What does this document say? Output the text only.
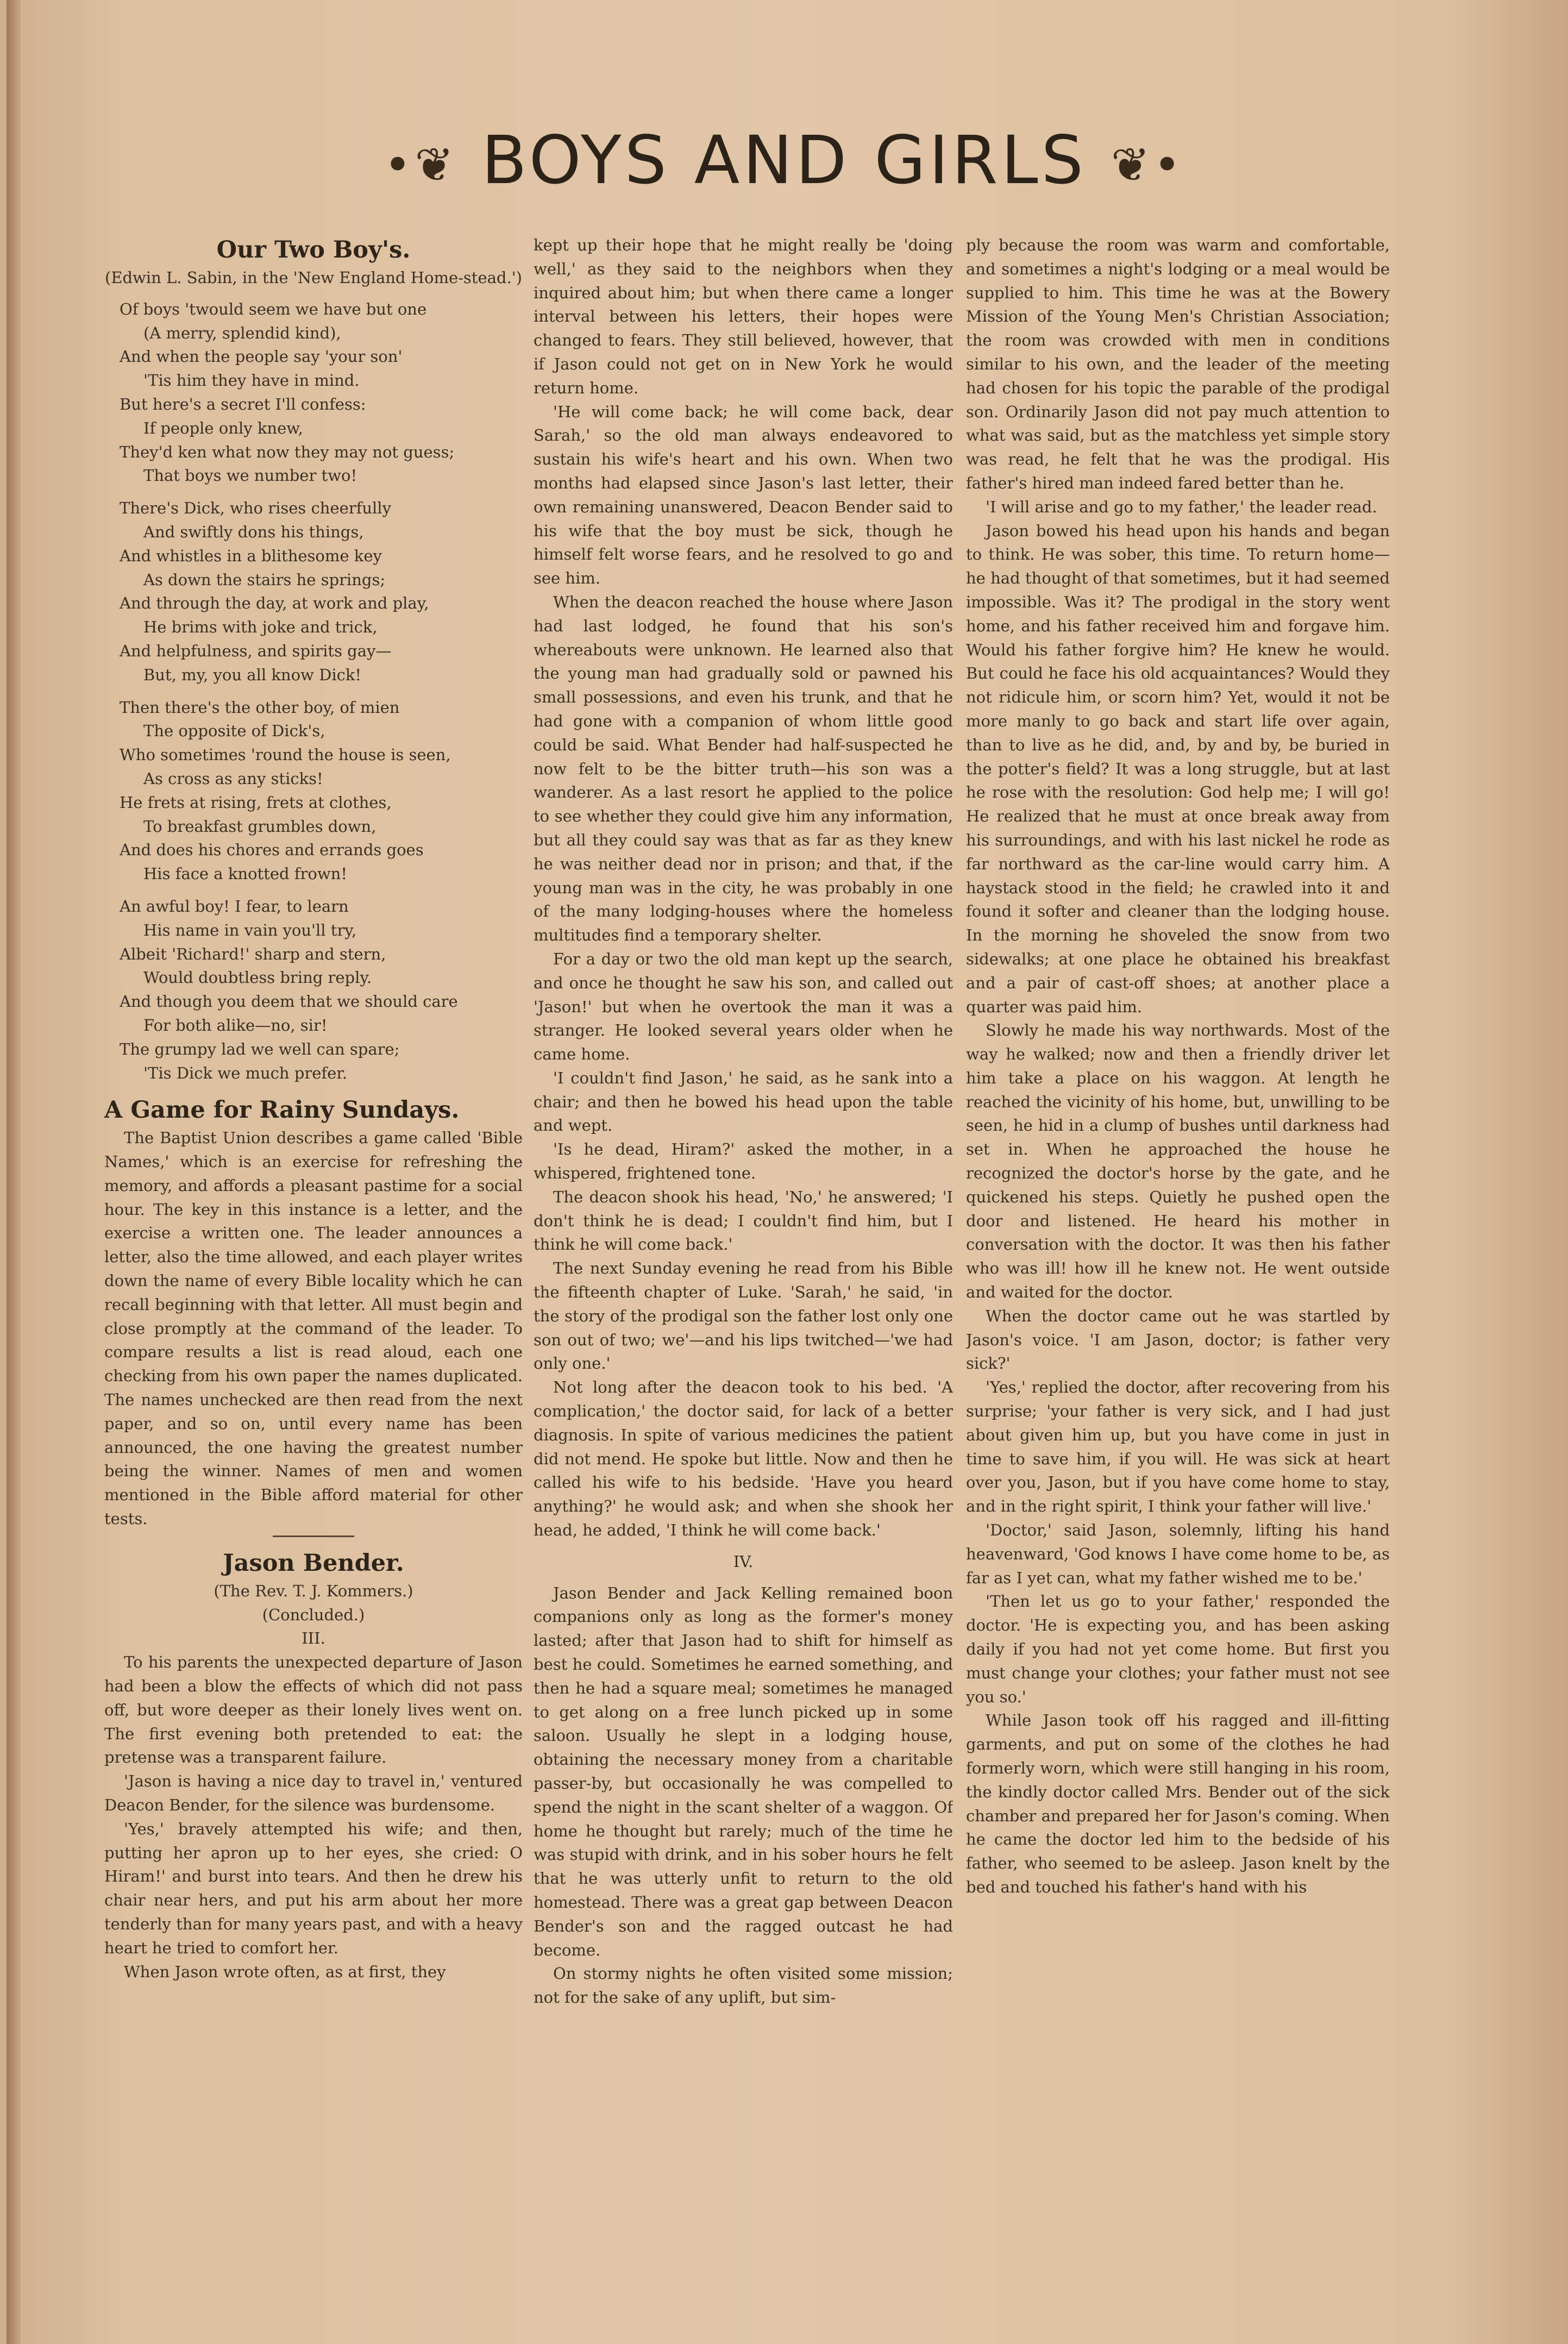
•❦ BOYS AND GIRLS ❦•
Our Two Boy's.
(Edwin L. Sabin, in the 'New England Home-stead.')
Of boys 'twould seem we have but one
(A merry, splendid kind),
And when the people say 'your son'
'Tis him they have in mind.
But here's a secret I'll confess:
If people only knew,
They'd ken what now they may not guess;
That boys we number two!
There's Dick, who rises cheerfully
And swiftly dons his things,
And whistles in a blithesome key
As down the stairs he springs;
And through the day, at work and play,
He brims with joke and trick,
And helpfulness, and spirits gay—
But, my, you all know Dick!
Then there's the other boy, of mien
The opposite of Dick's,
Who sometimes 'round the house is seen,
As cross as any sticks!
He frets at rising, frets at clothes,
To breakfast grumbles down,
And does his chores and errands goes
His face a knotted frown!
An awful boy! I fear, to learn
His name in vain you'll try,
Albeit 'Richard!' sharp and stern,
Would doubtless bring reply.
And though you deem that we should care
For both alike—no, sir!
The grumpy lad we well can spare;
'Tis Dick we much prefer.
A Game for Rainy Sundays.

The Baptist Union describes a game called 'Bible Names,' which is an exercise for refreshing the memory, and affords a pleasant pastime for a social hour. The key in this instance is a letter, and the exercise a written one. The leader announces a letter, also the time allowed, and each player writes down the name of every Bible locality which he can recall beginning with that letter. All must begin and close promptly at the command of the leader. To compare results a list is read aloud, each one checking from his own paper the names duplicated. The names unchecked are then read from the next paper, and so on, until every name has been announced, the one having the greatest number being the winner. Names of men and women mentioned in the Bible afford material for other tests.

Jason Bender.
(The Rev. T. J. Kommers.)
(Concluded.)
III.

To his parents the unexpected departure of Jason had been a blow the effects of which did not pass off, but wore deeper as their lonely lives went on. The first evening both pretended to eat: the pretense was a transparent failure.

'Jason is having a nice day to travel in,' ventured Deacon Bender, for the silence was burdensome.

'Yes,' bravely attempted his wife; and then, putting her apron up to her eyes, she cried: O Hiram!' and burst into tears. And then he drew his chair near hers, and put his arm about her more tenderly than for many years past, and with a heavy heart he tried to comfort her.

When Jason wrote often, as at first, they

kept up their hope that he might really be 'doing well,' as they said to the neighbors when they inquired about him; but when there came a longer interval between his letters, their hopes were changed to fears. They still believed, however, that if Jason could not get on in New York he would return home.

'He will come back; he will come back, dear Sarah,' so the old man always endeavored to sustain his wife's heart and his own. When two months had elapsed since Jason's last letter, their own remaining unanswered, Deacon Bender said to his wife that the boy must be sick, though he himself felt worse fears, and he resolved to go and see him.

When the deacon reached the house where Jason had last lodged, he found that his son's whereabouts were unknown. He learned also that the young man had gradually sold or pawned his small possessions, and even his trunk, and that he had gone with a companion of whom little good could be said. What Bender had half-suspected he now felt to be the bitter truth—his son was a wanderer. As a last resort he applied to the police to see whether they could give him any information, but all they could say was that as far as they knew he was neither dead nor in prison; and that, if the young man was in the city, he was probably in one of the many lodging-houses where the homeless multitudes find a temporary shelter.

For a day or two the old man kept up the search, and once he thought he saw his son, and called out 'Jason!' but when he overtook the man it was a stranger. He looked several years older when he came home.

'I couldn't find Jason,' he said, as he sank into a chair; and then he bowed his head upon the table and wept.

'Is he dead, Hiram?' asked the mother, in a whispered, frightened tone.

The deacon shook his head, 'No,' he answered; 'I don't think he is dead; I couldn't find him, but I think he will come back.'

The next Sunday evening he read from his Bible the fifteenth chapter of Luke. 'Sarah,' he said, 'in the story of the prodigal son the father lost only one son out of two; we'—and his lips twitched—'we had only one.'

Not long after the deacon took to his bed. 'A complication,' the doctor said, for lack of a better diagnosis. In spite of various medicines the patient did not mend. He spoke but little. Now and then he called his wife to his bedside. 'Have you heard anything?' he would ask; and when she shook her head, he added, 'I think he will come back.'

IV.

Jason Bender and Jack Kelling remained boon companions only as long as the former's money lasted; after that Jason had to shift for himself as best he could. Sometimes he earned something, and then he had a square meal; sometimes he managed to get along on a free lunch picked up in some saloon. Usually he slept in a lodging house, obtaining the necessary money from a charitable passer-by, but occasionally he was compelled to spend the night in the scant shelter of a waggon. Of home he thought but rarely; much of the time he was stupid with drink, and in his sober hours he felt that he was utterly unfit to return to the old homestead. There was a great gap between Deacon Bender's son and the ragged outcast he had become.

On stormy nights he often visited some mission; not for the sake of any uplift, but sim-

ply because the room was warm and comfortable, and sometimes a night's lodging or a meal would be supplied to him. This time he was at the Bowery Mission of the Young Men's Christian Association; the room was crowded with men in conditions similar to his own, and the leader of the meeting had chosen for his topic the parable of the prodigal son. Ordinarily Jason did not pay much attention to what was said, but as the matchless yet simple story was read, he felt that he was the prodigal. His father's hired man indeed fared better than he.

'I will arise and go to my father,' the leader read.

Jason bowed his head upon his hands and began to think. He was sober, this time. To return home—he had thought of that sometimes, but it had seemed impossible. Was it? The prodigal in the story went home, and his father received him and forgave him. Would his father forgive him? He knew he would. But could he face his old acquaintances? Would they not ridicule him, or scorn him? Yet, would it not be more manly to go back and start life over again, than to live as he did, and, by and by, be buried in the potter's field? It was a long struggle, but at last he rose with the resolution: God help me; I will go! He realized that he must at once break away from his surroundings, and with his last nickel he rode as far northward as the car-line would carry him. A haystack stood in the field; he crawled into it and found it softer and cleaner than the lodging house. In the morning he shoveled the snow from two sidewalks; at one place he obtained his breakfast and a pair of cast-off shoes; at another place a quarter was paid him.

Slowly he made his way northwards. Most of the way he walked; now and then a friendly driver let him take a place on his waggon. At length he reached the vicinity of his home, but, unwilling to be seen, he hid in a clump of bushes until darkness had set in. When he approached the house he recognized the doctor's horse by the gate, and he quickened his steps. Quietly he pushed open the door and listened. He heard his mother in conversation with the doctor. It was then his father who was ill! how ill he knew not. He went outside and waited for the doctor.

When the doctor came out he was startled by Jason's voice. 'I am Jason, doctor; is father very sick?'

'Yes,' replied the doctor, after recovering from his surprise; 'your father is very sick, and I had just about given him up, but you have come in just in time to save him, if you will. He was sick at heart over you, Jason, but if you have come home to stay, and in the right spirit, I think your father will live.'

'Doctor,' said Jason, solemnly, lifting his hand heavenward, 'God knows I have come home to be, as far as I yet can, what my father wished me to be.'

'Then let us go to your father,' responded the doctor. 'He is expecting you, and has been asking daily if you had not yet come home. But first you must change your clothes; your father must not see you so.'

While Jason took off his ragged and ill-fitting garments, and put on some of the clothes he had formerly worn, which were still hanging in his room, the kindly doctor called Mrs. Bender out of the sick chamber and prepared her for Jason's coming. When he came the doctor led him to the bedside of his father, who seemed to be asleep. Jason knelt by the bed and touched his father's hand with his
